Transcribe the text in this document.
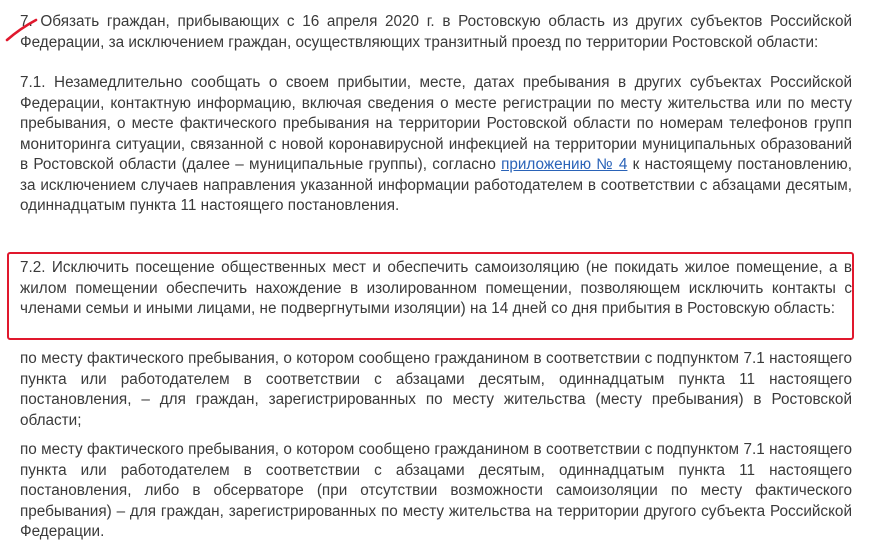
7. Обязать граждан, прибывающих с 16 апреля 2020 г. в Ростовскую область из других субъектов Российской Федерации, за исключением граждан, осуществляющих транзитный проезд по территории Ростовской области:

7.1. Незамедлительно сообщать о своем прибытии, месте, датах пребывания в других субъектах Российской Федерации, контактную информацию, включая сведения о месте регистрации по месту жительства или по месту пребывания, о месте фактического пребывания на территории Ростовской области по номерам телефонов групп мониторинга ситуации, связанной с новой коронавирусной инфекцией на территории муниципальных образований в Ростовской области (далее – муниципальные группы), согласно приложению № 4 к настоящему постановлению, за исключением случаев направления указанной информации работодателем в соответствии с абзацами десятым, одиннадцатым пункта 11 настоящего постановления.

7.2. Исключить посещение общественных мест и обеспечить самоизоляцию (не покидать жилое помещение, а в жилом помещении обеспечить нахождение в изолированном помещении, позволяющем исключить контакты с членами семьи и иными лицами, не подвергнутыми изоляции) на 14 дней со дня прибытия в Ростовскую область:

по месту фактического пребывания, о котором сообщено гражданином в соответствии с подпунктом 7.1 настоящего пункта или работодателем в соответствии с абзацами десятым, одиннадцатым пункта 11 настоящего постановления, – для граждан, зарегистрированных по месту жительства (месту пребывания) в Ростовской области;

по месту фактического пребывания, о котором сообщено гражданином в соответствии с подпунктом 7.1 настоящего пункта или работодателем в соответствии с абзацами десятым, одиннадцатым пункта 11 настоящего постановления, либо в обсерваторе (при отсутствии возможности самоизоляции по месту фактического пребывания) – для граждан, зарегистрированных по месту жительства на территории другого субъекта Российской Федерации.
